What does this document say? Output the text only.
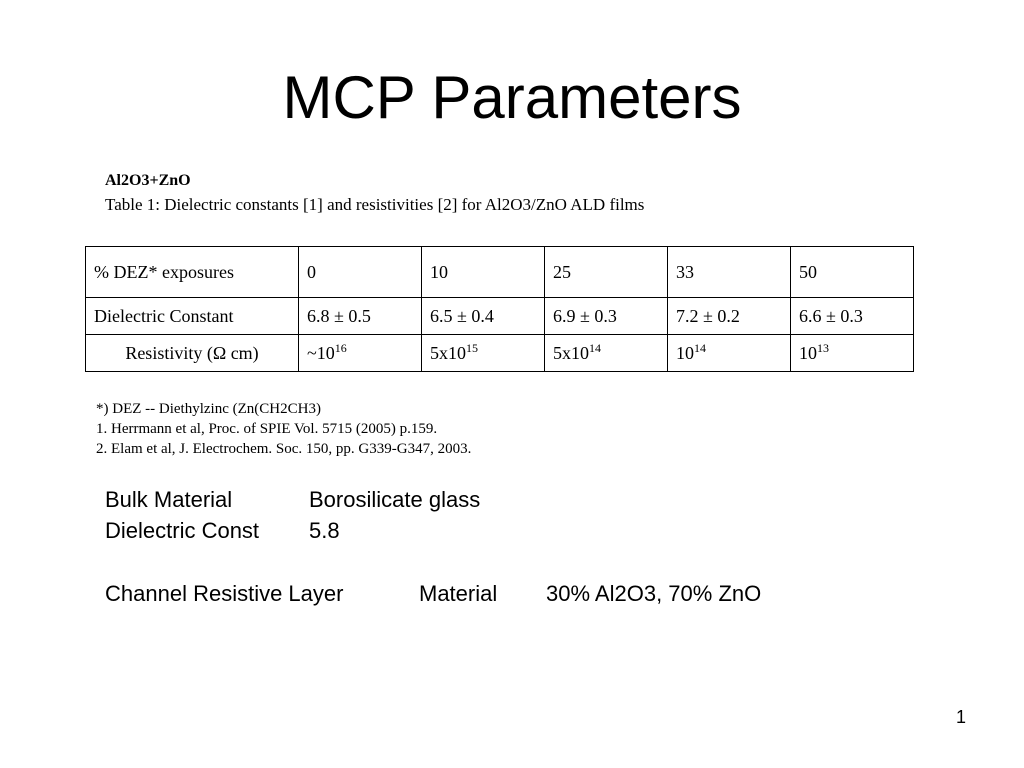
MCP Parameters
Al2O3+ZnO
Table 1: Dielectric constants [1] and resistivities [2] for Al2O3/ZnO ALD films
% DEZ* exposures	0	10	25	33	50
Dielectric Constant	6.8 ± 0.5	6.5 ± 0.4	6.9 ± 0.3	7.2 ± 0.2	6.6 ± 0.3
Resistivity (Ω cm)	$\sim 10^{16}$	$5x10^{15}$	$5x10^{14}$	$10^{14}$	$10^{13}$
*) DEZ -- Diethylzinc (Zn(CH2CH3)
1. Herrmann et al, Proc. of SPIE Vol. 5715 (2005) p.159.
2. Elam et al, J. Electrochem. Soc. 150, pp. G339-G347, 2003.
Bulk Material	Borosilicate glass
Dielectric Const 5.8
Channel Resistive Layer	Material 30% Al2O3, 70% ZnO
1
